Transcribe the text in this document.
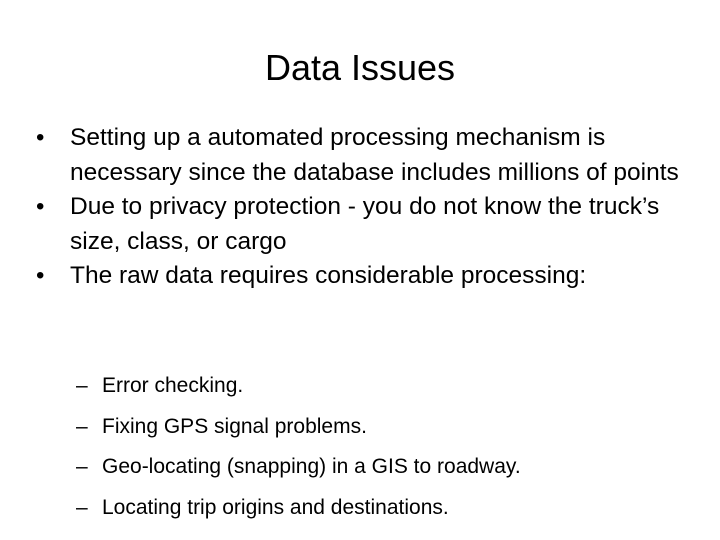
Data Issues
•	Setting up a automated processing mechanism is necessary since the database includes millions of points
•	Due to privacy protection - you do not know the truck’s size, class, or cargo
•	The raw data requires considerable processing:
– Error checking.
– Fixing GPS signal problems.
– Geo-locating (snapping) in a GIS to roadway.
– Locating trip origins and destinations.
